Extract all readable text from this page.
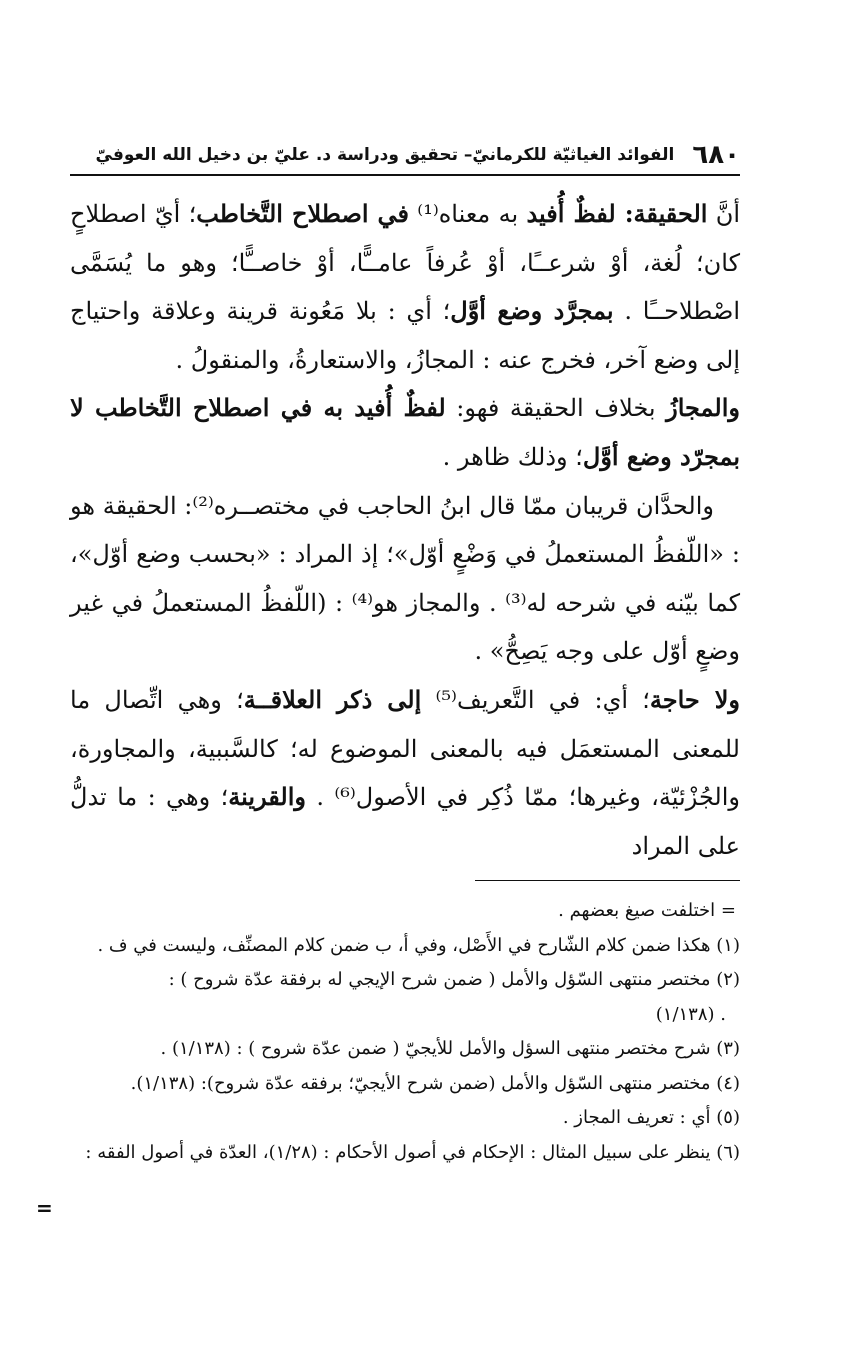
٦٨٠
الفوائد الغياثيّة للكرمانيّ– تحقيق ودراسة د. عليّ بن دخيل الله العوفيّ

أنَّ الحقيقة: لفظٌ أُفيد به معناه⁽¹⁾ في اصطلاح التَّخاطب؛ أيّ اصطلاحٍ كان؛ لُغة، أوْ شرعــًا، أوْ عُرفاً عامــًّا، أوْ خاصــًّا؛ وهو ما يُسَمَّى اصْطلاحــًا . بمجرَّد وضع أوَّل؛ أي : بلا مَعُونة قرينة وعلاقة واحتياج إلى وضع آخر، فخرج عنه : المجازُ، والاستعارةُ، والمنقولُ .

والمجازُ بخلاف الحقيقة فهو: لفظٌ أُفيد به في اصطلاح التَّخاطب لا بمجرّد وضع أوَّل؛ وذلك ظاهر .

والحدَّان قريبان ممّا قال ابنُ الحاجب في مختصــره⁽²⁾: الحقيقة هو : «اللّفظُ المستعملُ في وَضْعٍ أوّل»؛ إذ المراد : «بحسب وضع أوّل»، كما بيّنه في شرحه له⁽³⁾ . والمجاز هو⁽⁴⁾ : (اللّفظُ المستعملُ في غير وضعٍ أوّل على وجه يَصِحُّ» .

ولا حاجة؛ أي: في التَّعريف⁽⁵⁾ إلى ذكر العلاقــة؛ وهي اتِّصال ما للمعنى المستعمَل فيه بالمعنى الموضوع له؛ كالسَّببية، والمجاورة، والجُزْئيّة، وغيرها؛ ممّا ذُكِر في الأصول⁽⁶⁾ . والقرينة؛ وهي : ما تدلُّ على المراد

= اختلفت صيغ بعضهم .

(١) هكذا ضمن كلام الشّارح في الأَصْل، وفي أ، ب ضمن كلام المصنِّف، وليست في ف .

(٢) مختصر منتهى السّؤل والأمل ( ضمن شرح الإيجي له برفقة عدّة شروح ) :

. (١/١٣٨)

(٣) شرح مختصر منتهى السؤل والأمل للأيجيّ ( ضمن عدّة شروح ) : (١/١٣٨) .

(٤) مختصر منتهى السّؤل والأمل (ضمن شرح الأيجيّ؛ برفقه عدّة شروح): (١/١٣٨).

(٥) أي : تعريف المجاز .

(٦) ينظر على سبيل المثال : الإحكام في أصول الأحكام : (١/٢٨)، العدّة في أصول الفقه :

=
